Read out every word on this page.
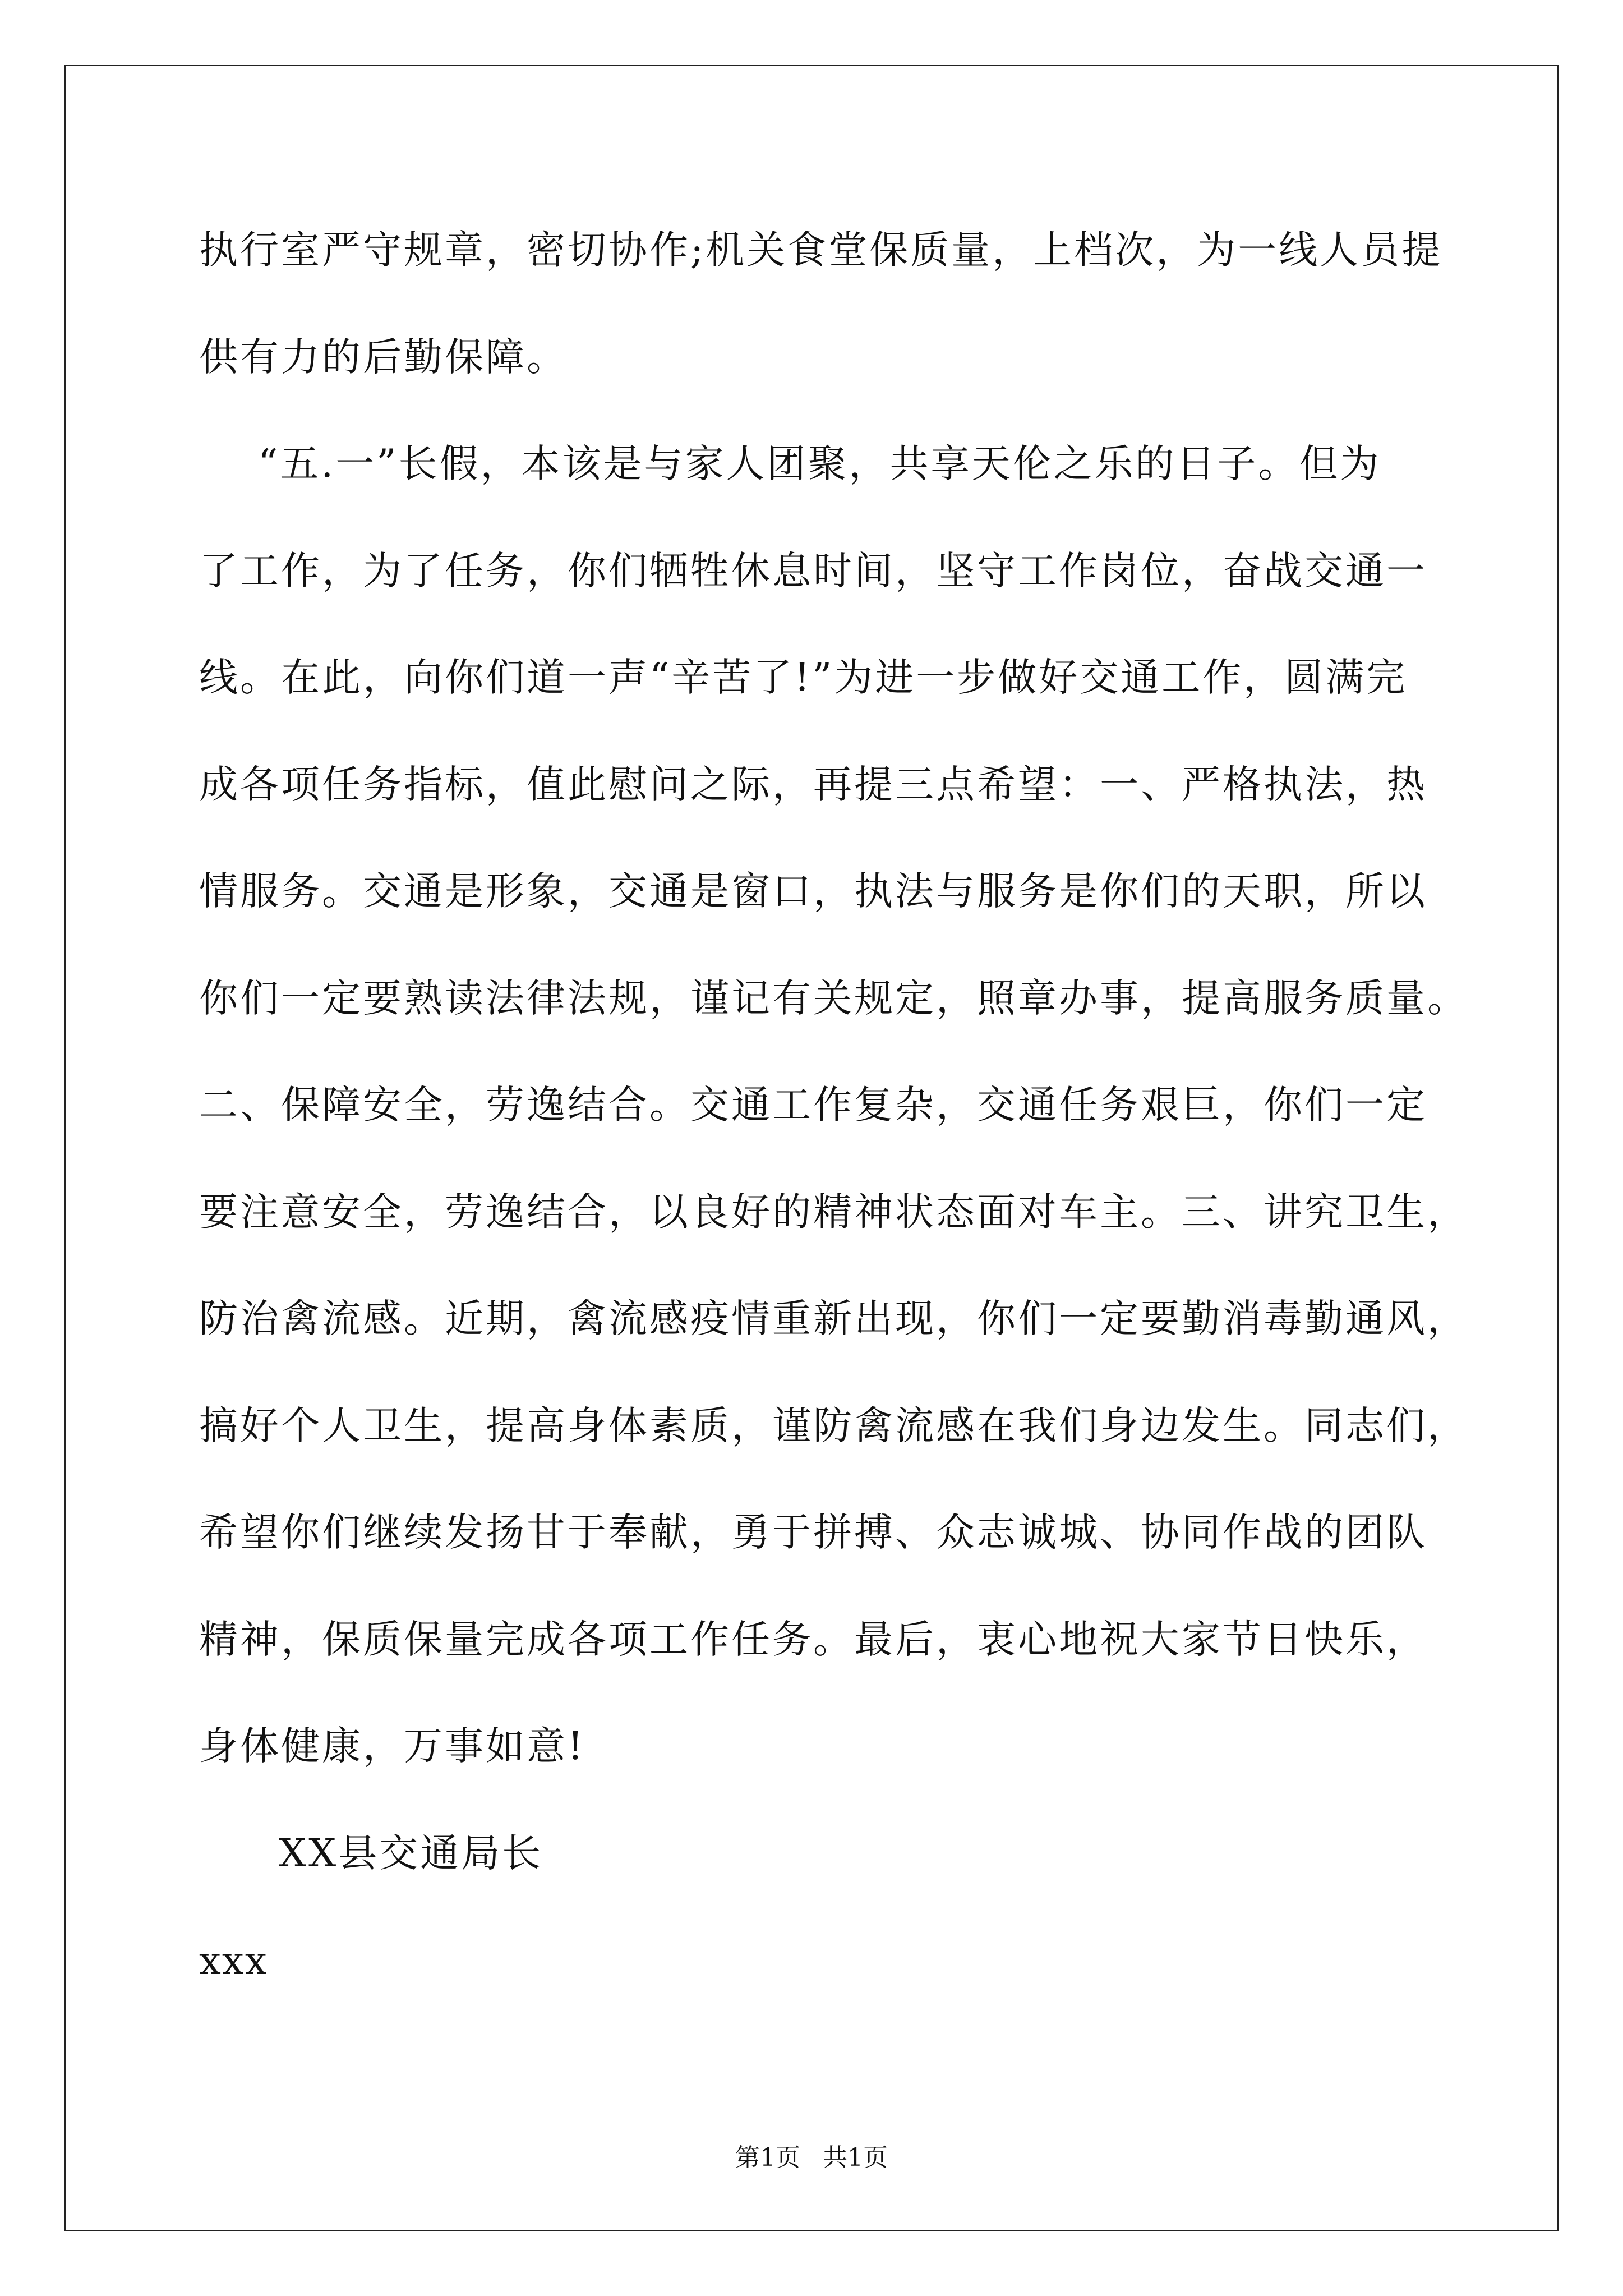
执行室严守规章，密切协作;机关食堂保质量，上档次，为一线人员提
供有力的后勤保障。
“五.一”长假，本该是与家人团聚，共享天伦之乐的日子。但为
了工作，为了任务，你们牺牲休息时间，坚守工作岗位，奋战交通一
线。在此，向你们道一声“辛苦了!”为进一步做好交通工作，圆满完
成各项任务指标，值此慰问之际，再提三点希望：一、严格执法，热
情服务。交通是形象，交通是窗口，执法与服务是你们的天职，所以
你们一定要熟读法律法规，谨记有关规定，照章办事，提高服务质量。
二、保障安全，劳逸结合。交通工作复杂，交通任务艰巨，你们一定
要注意安全，劳逸结合，以良好的精神状态面对车主。三、讲究卫生，
防治禽流感。近期，禽流感疫情重新出现，你们一定要勤消毒勤通风，
搞好个人卫生，提高身体素质，谨防禽流感在我们身边发生。同志们，
希望你们继续发扬甘于奉献，勇于拼搏、众志诚城、协同作战的团队
精神，保质保量完成各项工作任务。最后，衷心地祝大家节日快乐，
身体健康，万事如意!
XX县交通局长
xxx
第1页 共1页
